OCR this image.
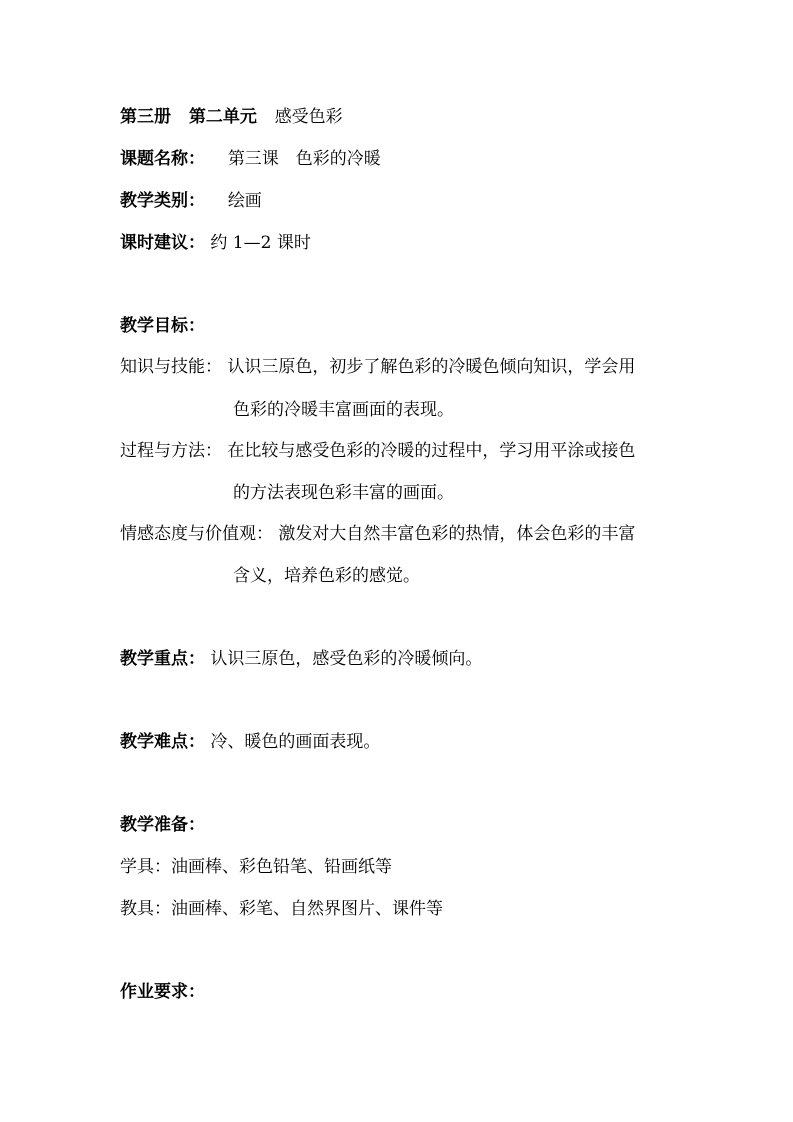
第三册 第二单元 感受色彩
课题名称： 第三课　色彩的冷暖
教学类别： 绘画
课时建议： 约 1—2 课时
教学目标：
知识与技能： 认识三原色，初步了解色彩的冷暖色倾向知识，学会用
色彩的冷暖丰富画面的表现。
过程与方法： 在比较与感受色彩的冷暖的过程中，学习用平涂或接色
的方法表现色彩丰富的画面。
情感态度与价值观： 激发对大自然丰富色彩的热情，体会色彩的丰富
含义，培养色彩的感觉。
教学重点： 认识三原色，感受色彩的冷暖倾向。
教学难点： 冷、暖色的画面表现。
教学准备：
学具：油画棒、彩色铅笔、铅画纸等
教具：油画棒、彩笔、自然界图片、课件等
作业要求：
